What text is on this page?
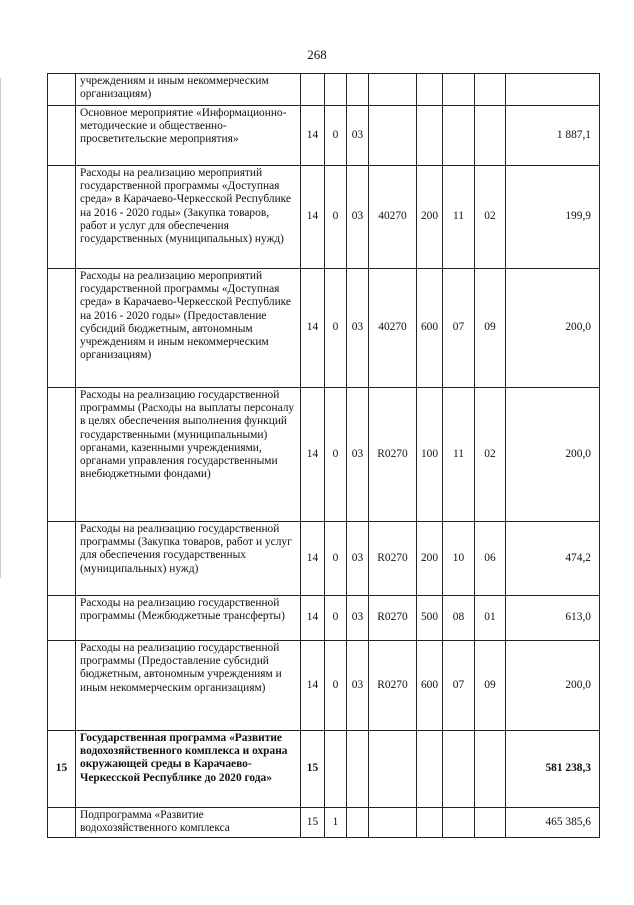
268
	учреждениям и иным некоммерческим организациям)								
	Основное мероприятие «Информационно-методические и общественно-просветительские мероприятия»	14	0	03					1 887,1
	Расходы на реализацию мероприятий государственной программы «Доступная среда» в Карачаево-Черкесской Республике на 2016 - 2020 годы» (Закупка товаров, работ и услуг для обеспечения государственных (муниципальных) нужд)	14	0	03	40270	200	11	02	199,9
	Расходы на реализацию мероприятий государственной программы «Доступная среда» в Карачаево-Черкесской Республике на 2016 - 2020 годы» (Предоставление субсидий бюджетным, автономным учреждениям и иным некоммерческим организациям)	14	0	03	40270	600	07	09	200,0
	Расходы на реализацию государственной программы (Расходы на выплаты персоналу в целях обеспечения выполнения функций государственными (муниципальными) органами, казенными учреждениями, органами управления государственными внебюджетными фондами)	14	0	03	R0270	100	11	02	200,0
	Расходы на реализацию государственной программы (Закупка товаров, работ и услуг для обеспечения государственных (муниципальных) нужд)	14	0	03	R0270	200	10	06	474,2
	Расходы на реализацию государственной программы (Межбюджетные трансферты)	14	0	03	R0270	500	08	01	613,0
	Расходы на реализацию государственной программы (Предоставление субсидий бюджетным, автономным учреждениям и иным некоммерческим организациям)	14	0	03	R0270	600	07	09	200,0
15	Государственная программа «Развитие водохозяйственного комплекса и охрана окружающей среды в Карачаево-Черкесской Республике до 2020 года»	15							581 238,3
	Подпрограмма «Развитие водохозяйственного комплекса	15	1						465 385,6
